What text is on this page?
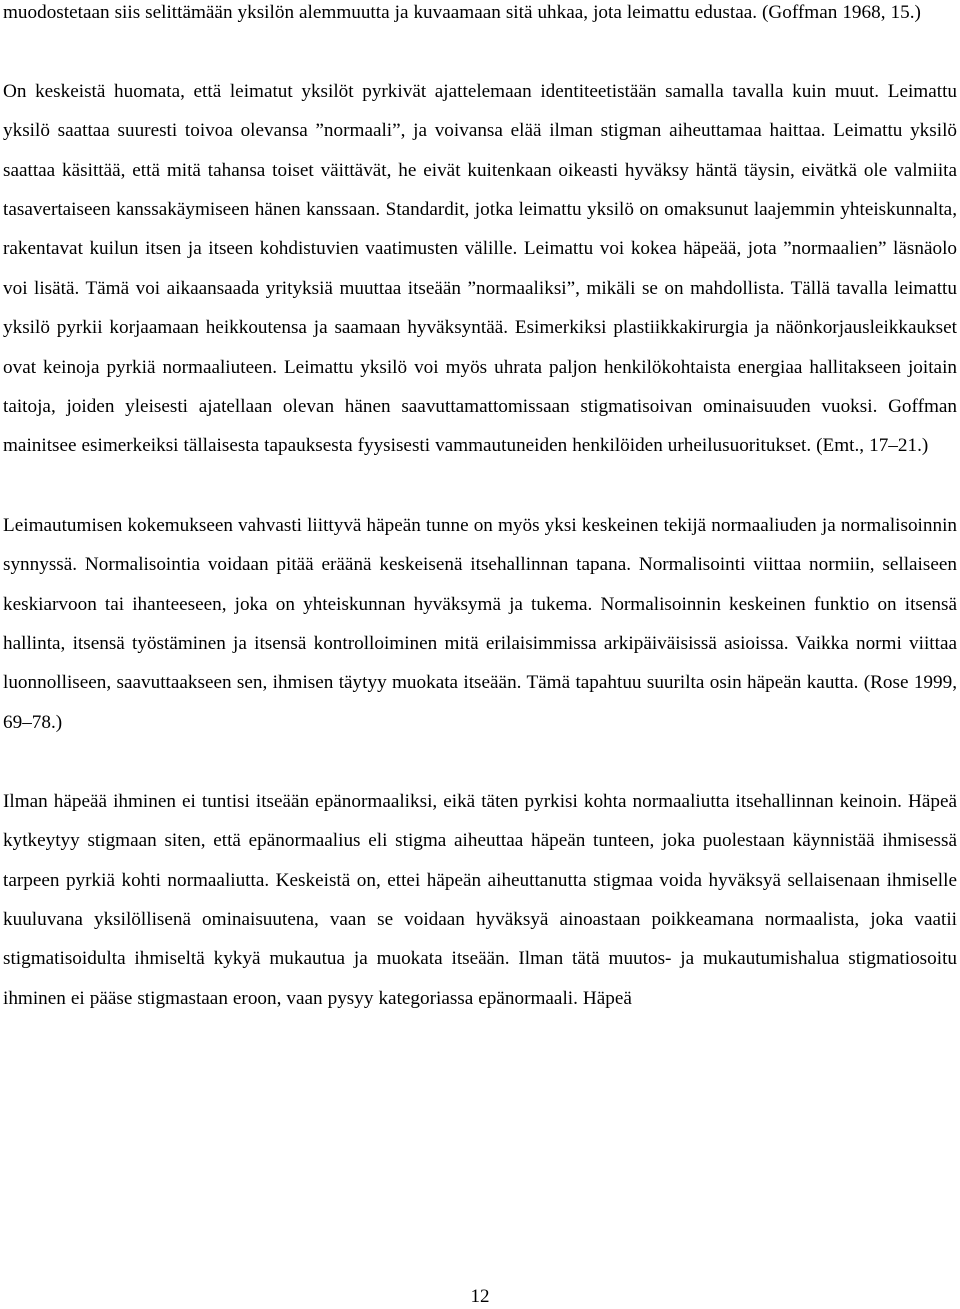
muodostetaan siis selittämään yksilön alemmuutta ja kuvaamaan sitä uhkaa, jota leimattu edustaa. (Goffman 1968, 15.)

On keskeistä huomata, että leimatut yksilöt pyrkivät ajattelemaan identiteetistään samalla tavalla kuin muut. Leimattu yksilö saattaa suuresti toivoa olevansa ”normaali”, ja voivansa elää ilman stigman aiheuttamaa haittaa. Leimattu yksilö saattaa käsittää, että mitä tahansa toiset väittävät, he eivät kuitenkaan oikeasti hyväksy häntä täysin, eivätkä ole valmiita tasavertaiseen kanssakäymiseen hänen kanssaan. Standardit, jotka leimattu yksilö on omaksunut laajemmin yhteiskunnalta, rakentavat kuilun itsen ja itseen kohdistuvien vaatimusten välille. Leimattu voi kokea häpeää, jota ”normaalien” läsnäolo voi lisätä. Tämä voi aikaansaada yrityksiä muuttaa itseään ”normaaliksi”, mikäli se on mahdollista. Tällä tavalla leimattu yksilö pyrkii korjaamaan heikkoutensa ja saamaan hyväksyntää. Esimerkiksi plastiikkakirurgia ja näönkorjausleikkaukset ovat keinoja pyrkiä normaaliuteen. Leimattu yksilö voi myös uhrata paljon henkilökohtaista energiaa hallitakseen joitain taitoja, joiden yleisesti ajatellaan olevan hänen saavuttamattomissaan stigmatisoivan ominaisuuden vuoksi. Goffman mainitsee esimerkeiksi tällaisesta tapauksesta fyysisesti vammautuneiden henkilöiden urheilusuoritukset. (Emt., 17–21.)

Leimautumisen kokemukseen vahvasti liittyvä häpeän tunne on myös yksi keskeinen tekijä normaaliuden ja normalisoinnin synnyssä. Normalisointia voidaan pitää eräänä keskeisenä itsehallinnan tapana. Normalisointi viittaa normiin, sellaiseen keskiarvoon tai ihanteeseen, joka on yhteiskunnan hyväksymä ja tukema. Normalisoinnin keskeinen funktio on itsensä hallinta, itsensä työstäminen ja itsensä kontrolloiminen mitä erilaisimmissa arkipäiväisissä asioissa. Vaikka normi viittaa luonnolliseen, saavuttaakseen sen, ihmisen täytyy muokata itseään. Tämä tapahtuu suurilta osin häpeän kautta. (Rose 1999, 69–78.)

Ilman häpeää ihminen ei tuntisi itseään epänormaaliksi, eikä täten pyrkisi kohta normaaliutta itsehallinnan keinoin. Häpeä kytkeytyy stigmaan siten, että epänormaalius eli stigma aiheuttaa häpeän tunteen, joka puolestaan käynnistää ihmisessä tarpeen pyrkiä kohti normaaliutta. Keskeistä on, ettei häpeän aiheuttanutta stigmaa voida hyväksyä sellaisenaan ihmiselle kuuluvana yksilöllisenä ominaisuutena, vaan se voidaan hyväksyä ainoastaan poikkeamana normaalista, joka vaatii stigmatisoidulta ihmiseltä kykyä mukautua ja muokata itseään. Ilman tätä muutos- ja mukautumishalua stigmatiosoitu ihminen ei pääse stigmastaan eroon, vaan pysyy kategoriassa epänormaali. Häpeä

12
